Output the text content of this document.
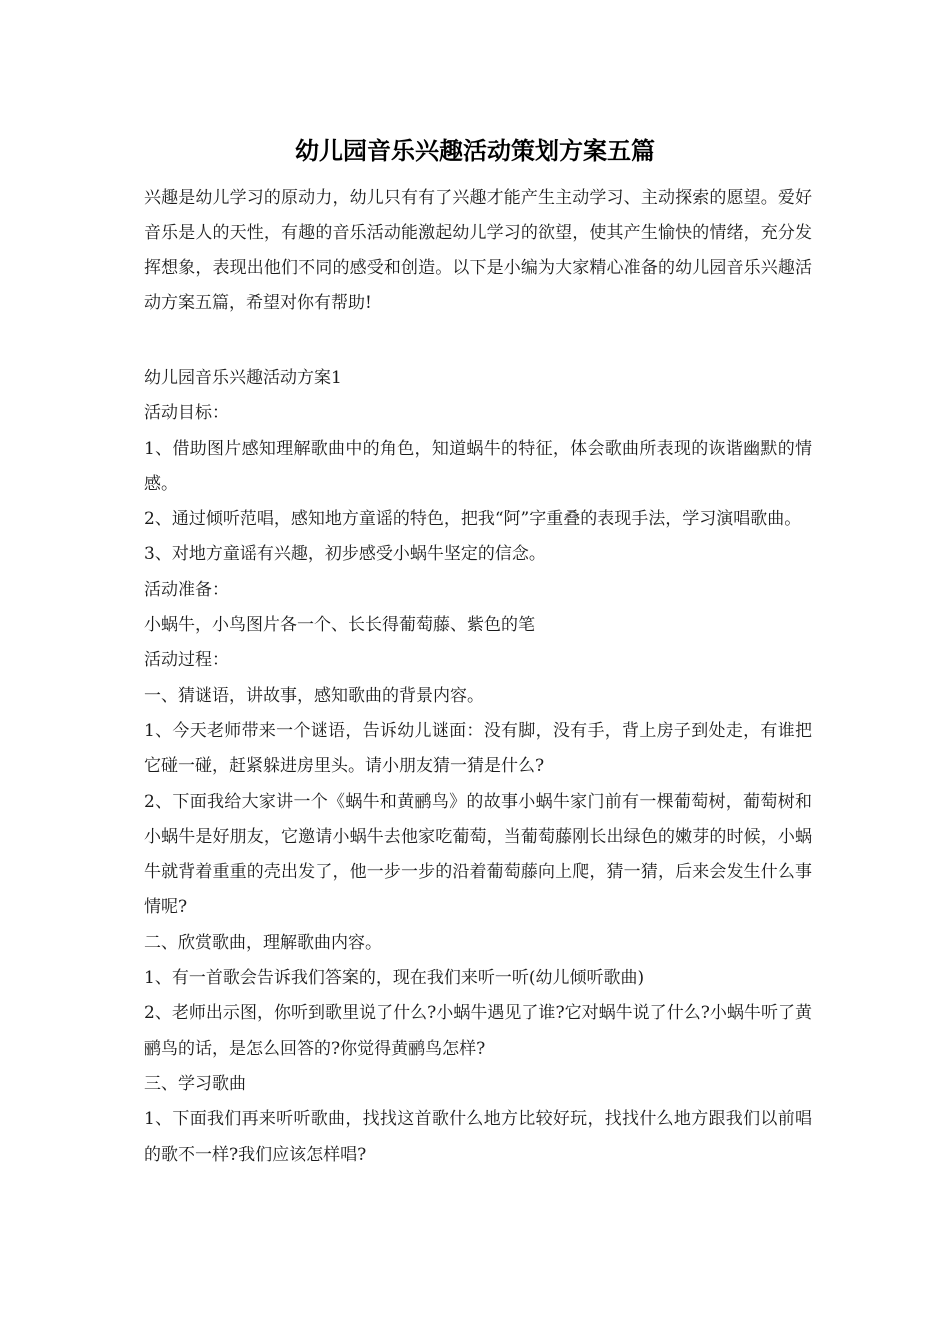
幼儿园音乐兴趣活动策划方案五篇

兴趣是幼儿学习的原动力，幼儿只有有了兴趣才能产生主动学习、主动探索的愿望。爱好音乐是人的天性，有趣的音乐活动能激起幼儿学习的欲望，使其产生愉快的情绪，充分发挥想象，表现出他们不同的感受和创造。以下是小编为大家精心准备的幼儿园音乐兴趣活动方案五篇，希望对你有帮助!

幼儿园音乐兴趣活动方案1

活动目标：

1、借助图片感知理解歌曲中的角色，知道蜗牛的特征，体会歌曲所表现的诙谐幽默的情感。

2、通过倾听范唱，感知地方童谣的特色，把我“阿”字重叠的表现手法，学习演唱歌曲。

3、对地方童谣有兴趣，初步感受小蜗牛坚定的信念。

活动准备：

小蜗牛，小鸟图片各一个、长长得葡萄藤、紫色的笔

活动过程：

一、猜谜语，讲故事，感知歌曲的背景内容。

1、今天老师带来一个谜语，告诉幼儿谜面：没有脚，没有手，背上房子到处走，有谁把它碰一碰，赶紧躲进房里头。请小朋友猜一猜是什么?

2、下面我给大家讲一个《蜗牛和黄鹂鸟》的故事小蜗牛家门前有一棵葡萄树，葡萄树和小蜗牛是好朋友，它邀请小蜗牛去他家吃葡萄，当葡萄藤刚长出绿色的嫩芽的时候，小蜗牛就背着重重的壳出发了，他一步一步的沿着葡萄藤向上爬，猜一猜，后来会发生什么事情呢?

二、欣赏歌曲，理解歌曲内容。

1、有一首歌会告诉我们答案的，现在我们来听一听(幼儿倾听歌曲)

2、老师出示图，你听到歌里说了什么?小蜗牛遇见了谁?它对蜗牛说了什么?小蜗牛听了黄鹂鸟的话，是怎么回答的?你觉得黄鹂鸟怎样?

三、学习歌曲

1、下面我们再来听听歌曲，找找这首歌什么地方比较好玩，找找什么地方跟我们以前唱的歌不一样?我们应该怎样唱?
